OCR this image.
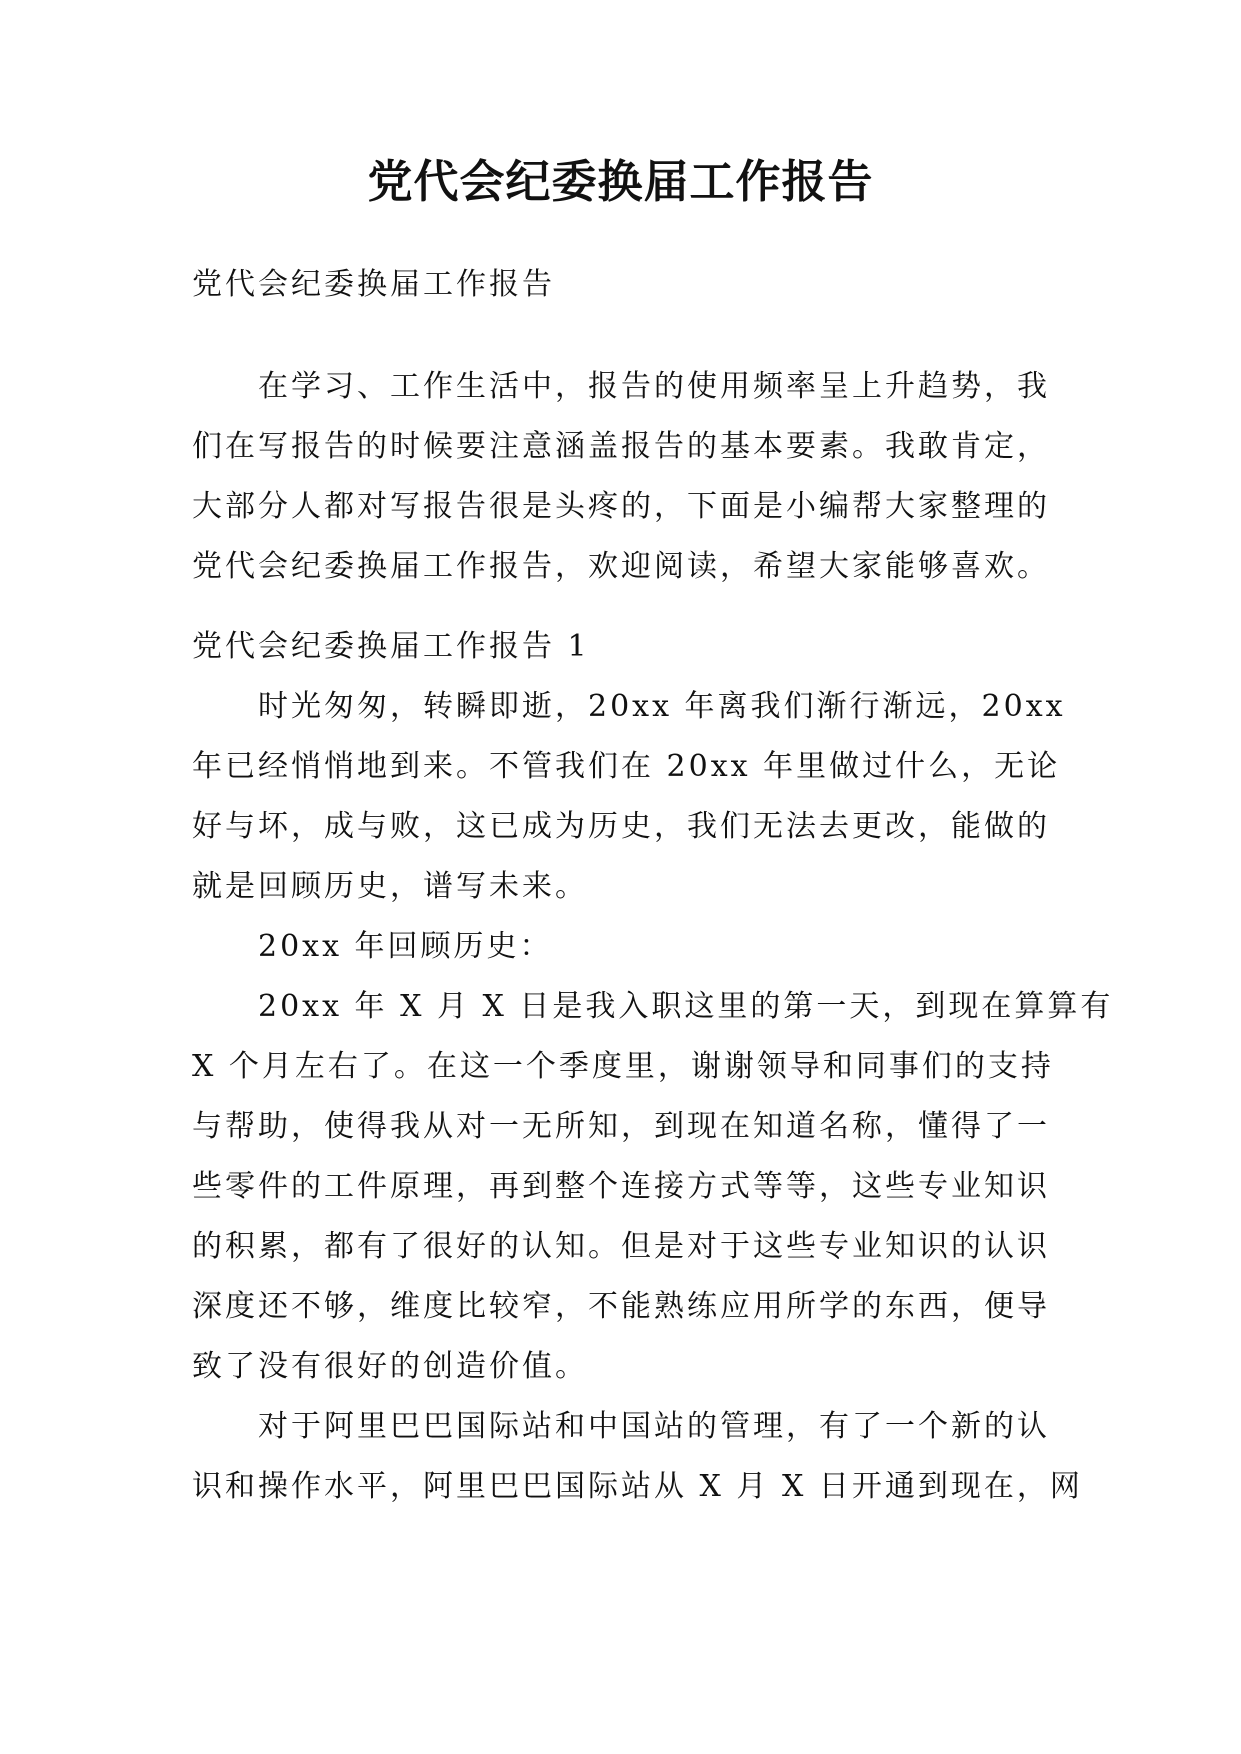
党代会纪委换届工作报告

党代会纪委换届工作报告

在学习、工作生活中，报告的使用频率呈上升趋势，我
们在写报告的时候要注意涵盖报告的基本要素。我敢肯定，
大部分人都对写报告很是头疼的，下面是小编帮大家整理的
党代会纪委换届工作报告，欢迎阅读，希望大家能够喜欢。

党代会纪委换届工作报告 1

时光匆匆，转瞬即逝，20xx 年离我们渐行渐远，20xx
年已经悄悄地到来。不管我们在 20xx 年里做过什么，无论
好与坏，成与败，这已成为历史，我们无法去更改，能做的
就是回顾历史，谱写未来。

20xx 年回顾历史：

20xx 年 X 月 X 日是我入职这里的第一天，到现在算算有
X 个月左右了。在这一个季度里，谢谢领导和同事们的支持
与帮助，使得我从对一无所知，到现在知道名称，懂得了一
些零件的工件原理，再到整个连接方式等等，这些专业知识
的积累，都有了很好的认知。但是对于这些专业知识的认识
深度还不够，维度比较窄，不能熟练应用所学的东西，便导
致了没有很好的创造价值。

对于阿里巴巴国际站和中国站的管理，有了一个新的认
识和操作水平，阿里巴巴国际站从 X 月 X 日开通到现在，网
